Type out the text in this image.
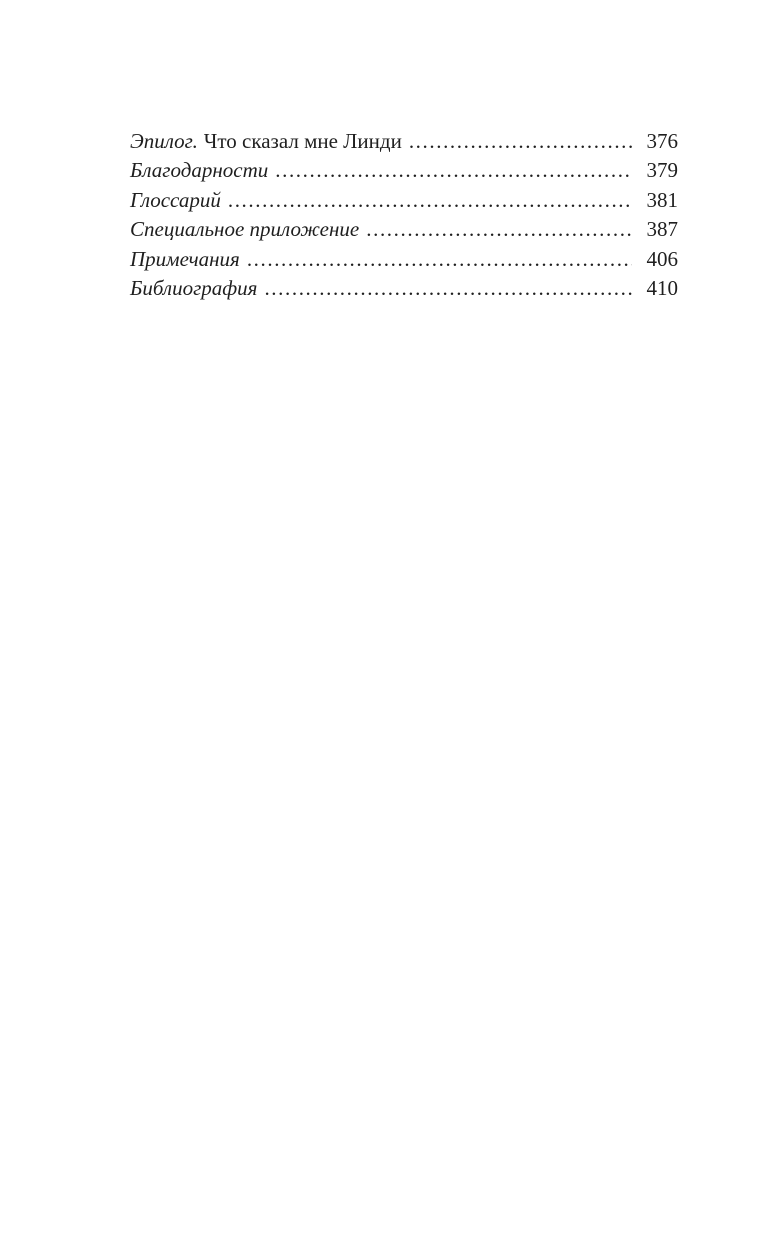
Эпилог. Что сказал мне Линди .....	376
Благодарности .....	379
Глоссарий .....	381
Специальное приложение .....	387
Примечания .....	406
Библиография .....	410
